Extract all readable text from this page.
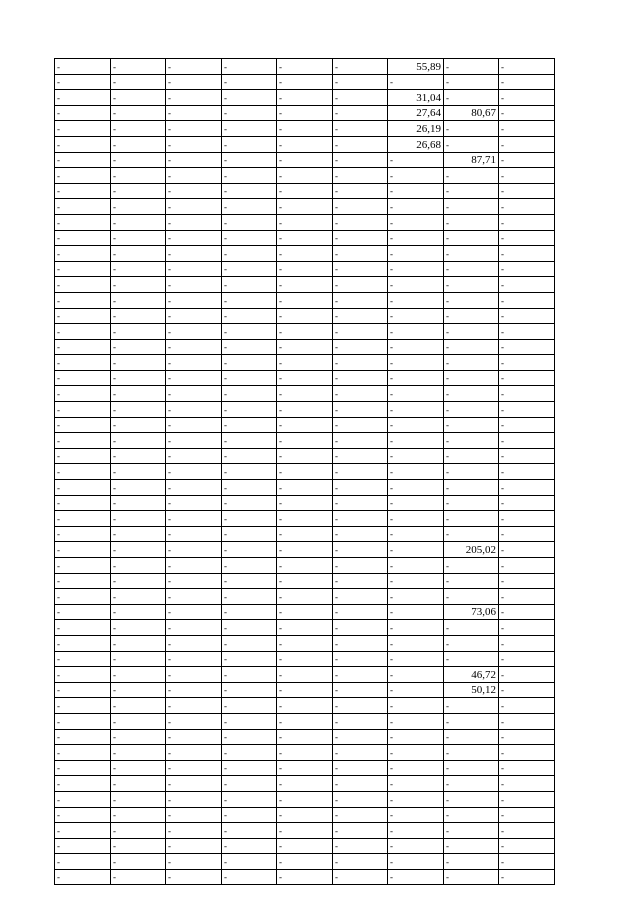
-	-	-	-	-	-	55,89	-	-
-	-	-	-	-	-	-	-	-
-	-	-	-	-	-	31,04	-	-
-	-	-	-	-	-	27,64	80,67	-
-	-	-	-	-	-	26,19	-	-
-	-	-	-	-	-	26,68	-	-
-	-	-	-	-	-	-	87,71	-
-	-	-	-	-	-	-	-	-
-	-	-	-	-	-	-	-	-
-	-	-	-	-	-	-	-	-
-	-	-	-	-	-	-	-	-
-	-	-	-	-	-	-	-	-
-	-	-	-	-	-	-	-	-
-	-	-	-	-	-	-	-	-
-	-	-	-	-	-	-	-	-
-	-	-	-	-	-	-	-	-
-	-	-	-	-	-	-	-	-
-	-	-	-	-	-	-	-	-
-	-	-	-	-	-	-	-	-
-	-	-	-	-	-	-	-	-
-	-	-	-	-	-	-	-	-
-	-	-	-	-	-	-	-	-
-	-	-	-	-	-	-	-	-
-	-	-	-	-	-	-	-	-
-	-	-	-	-	-	-	-	-
-	-	-	-	-	-	-	-	-
-	-	-	-	-	-	-	-	-
-	-	-	-	-	-	-	-	-
-	-	-	-	-	-	-	-	-
-	-	-	-	-	-	-	-	-
-	-	-	-	-	-	-	-	-
-	-	-	-	-	-	-	205,02	-
-	-	-	-	-	-	-	-	-
-	-	-	-	-	-	-	-	-
-	-	-	-	-	-	-	-	-
-	-	-	-	-	-	-	73,06	-
-	-	-	-	-	-	-	-	-
-	-	-	-	-	-	-	-	-
-	-	-	-	-	-	-	-	-
-	-	-	-	-	-	-	46,72	-
-	-	-	-	-	-	-	50,12	-
-	-	-	-	-	-	-	-	-
-	-	-	-	-	-	-	-	-
-	-	-	-	-	-	-	-	-
-	-	-	-	-	-	-	-	-
-	-	-	-	-	-	-	-	-
-	-	-	-	-	-	-	-	-
-	-	-	-	-	-	-	-	-
-	-	-	-	-	-	-	-	-
-	-	-	-	-	-	-	-	-
-	-	-	-	-	-	-	-	-
-	-	-	-	-	-	-	-	-
-	-	-	-	-	-	-	-	-
